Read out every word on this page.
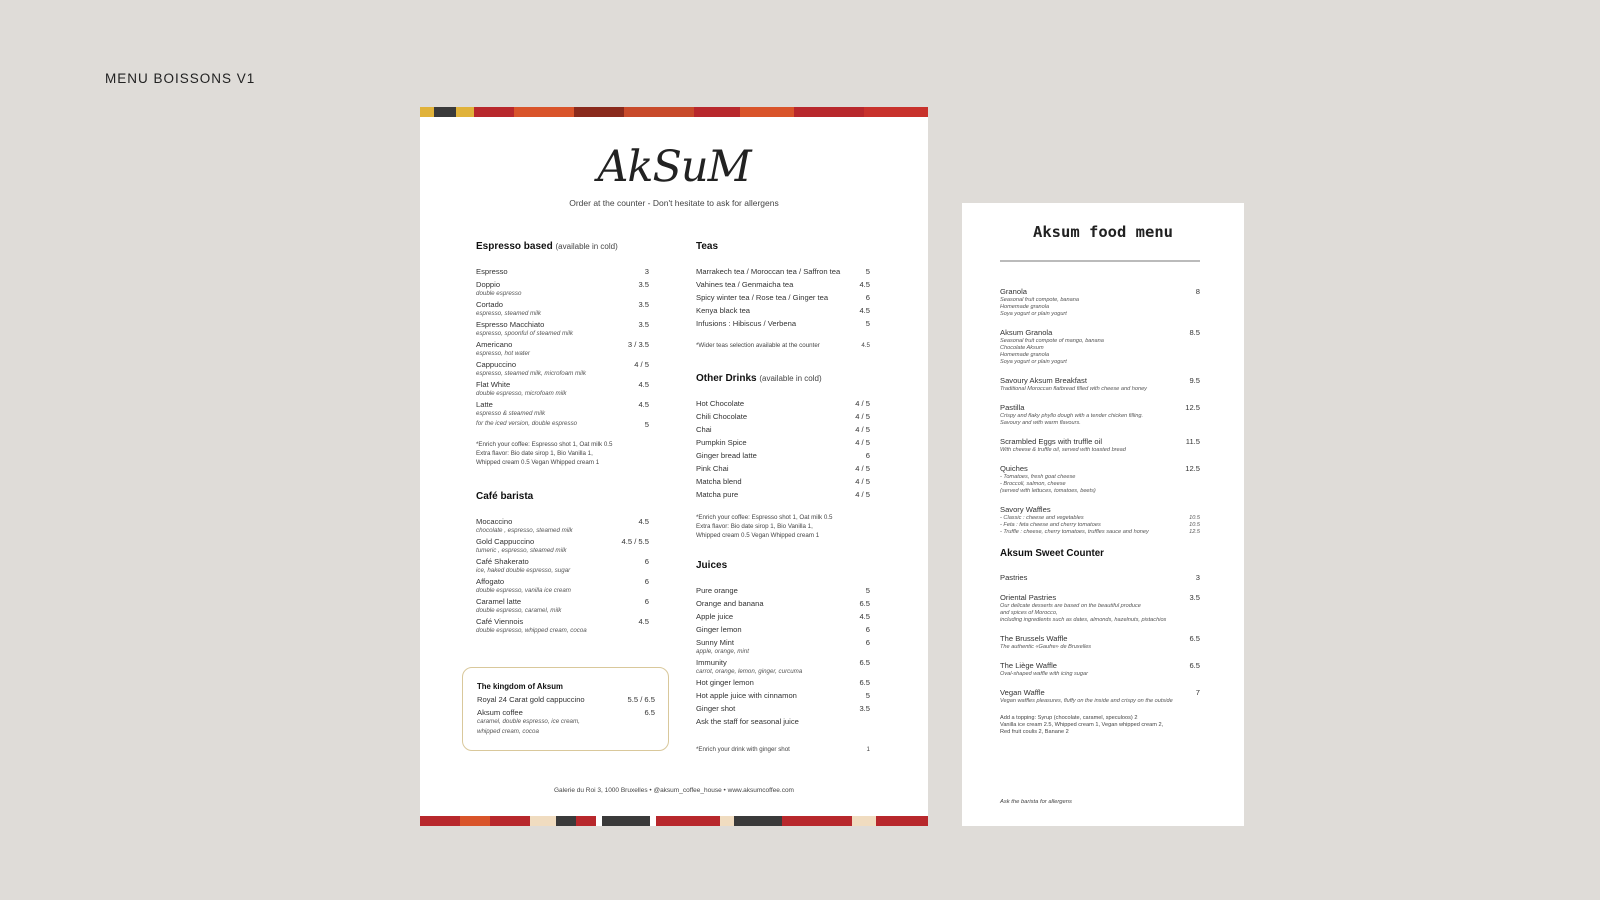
MENU BOISSONS V1
AkSuM
Order at the counter - Don't hesitate to ask for allergens
Espresso based (available in cold)
Espresso	3
Doppio	3.5
double espresso
Cortado	3.5
espresso, steamed milk
Espresso Macchiato	3.5
espresso, spoonful of steamed milk
Americano	3 / 3.5
espresso, hot water
Cappuccino	4 / 5
espresso, steamed milk, microfoam milk
Flat White	4.5
double espresso, microfoam milk
Latte	4.5
espresso & steamed milk
for the iced version, double espresso	5
*Enrich your coffee: Espresso shot 1, Oat milk 0.5
Extra flavor: Bio date sirop 1, Bio Vanilla 1,
Whipped cream 0.5 Vegan Whipped cream 1
Café barista
Mocaccino	4.5
chocolate , espresso, steamed milk
Gold Cappuccino	4.5 / 5.5
tumeric , espresso, steamed milk
Café Shakerato	6
ice, haked double espresso, sugar
Affogato	6
double espresso, vanilla ice cream
Caramel latte	6
double espresso, caramel, milk
Café Viennois	4.5
double espresso, whipped cream, cocoa
The kingdom of Aksum
Royal 24 Carat gold cappuccino	5.5 / 6.5
Aksum coffee	6.5
caramel, double espresso, ice cream,
whipped cream, cocoa
Teas
Marrakech tea / Moroccan tea / Saffron tea	5
Vahines tea / Genmaicha tea	4.5
Spicy winter tea / Rose tea / Ginger tea	6
Kenya black tea	4.5
Infusions : Hibiscus / Verbena	5
*Wider teas selection available at the counter	4.5
Other Drinks (available in cold)
Hot Chocolate	4 / 5
Chili Chocolate	4 / 5
Chai	4 / 5
Pumpkin Spice	4 / 5
Ginger bread latte	6
Pink Chai	4 / 5
Matcha blend	4 / 5
Matcha pure	4 / 5
*Enrich your coffee: Espresso shot 1, Oat milk 0.5
Extra flavor: Bio date sirop 1, Bio Vanilla 1,
Whipped cream 0.5 Vegan Whipped cream 1
Juices
Pure orange	5
Orange and banana	6.5
Apple juice	4.5
Ginger lemon	6
Sunny Mint	6
apple, orange, mint
Immunity	6.5
carrot, orange, lemon, ginger, curcuma
Hot ginger lemon	6.5
Hot apple juice with cinnamon	5
Ginger shot	3.5
Ask the staff for seasonal juice
*Enrich your drink with ginger shot	1
Galerie du Roi 3, 1000 Bruxelles • @aksum_coffee_house • www.aksumcoffee.com
Aksum food menu
Granola	8
Seasonal fruit compote, banana
Homemade granola
Soya yogurt or plain yogurt
Aksum Granola	8.5
Seasonal fruit compote of mango, banana
Chocolate Aksum
Homemade granola
Soya yogurt or plain yogurt
Savoury Aksum Breakfast	9.5
Traditional Moroccan flatbread filled with cheese and honey
Pastilla	12.5
Crispy and flaky phyllo dough with a tender chicken filling.
Savoury and with warm flavours.
Scrambled Eggs with truffle oil	11.5
With cheese & truffle oil, served with toasted bread
Quiches	12.5
- Tomatoes, fresh goat cheese
- Broccoli, salmon, cheese
(served with lettuces, tomatoes, beets)
Savory Waffles
- Classic : cheese and vegetables	10.5
- Feta : feta cheese and cherry tomatoes	10.5
- Truffle : cheese, cherry tomatoes, truffles sauce and honey	12.5
Aksum Sweet Counter
Pastries	3
Oriental Pastries	3.5
Our delicate desserts are based on the beautiful produce
and spices of Morocco,
including ingredients such as dates, almonds, hazelnuts, pistachios
The Brussels Waffle	6.5
The authentic «Gaufre» de Bruxelles
The Liège Waffle	6.5
Oval-shaped waffle with icing sugar
Vegan Waffle	7
Vegan waffles pleasures, fluffy on the inside and crispy on the outside
Add a topping: Syrup (chocolate, caramel, speculoos) 2
Vanilla ice cream 2.5, Whipped cream 1, Vegan whipped cream 2,
Red fruit coulis 2, Banane 2
Ask the barista for allergens
